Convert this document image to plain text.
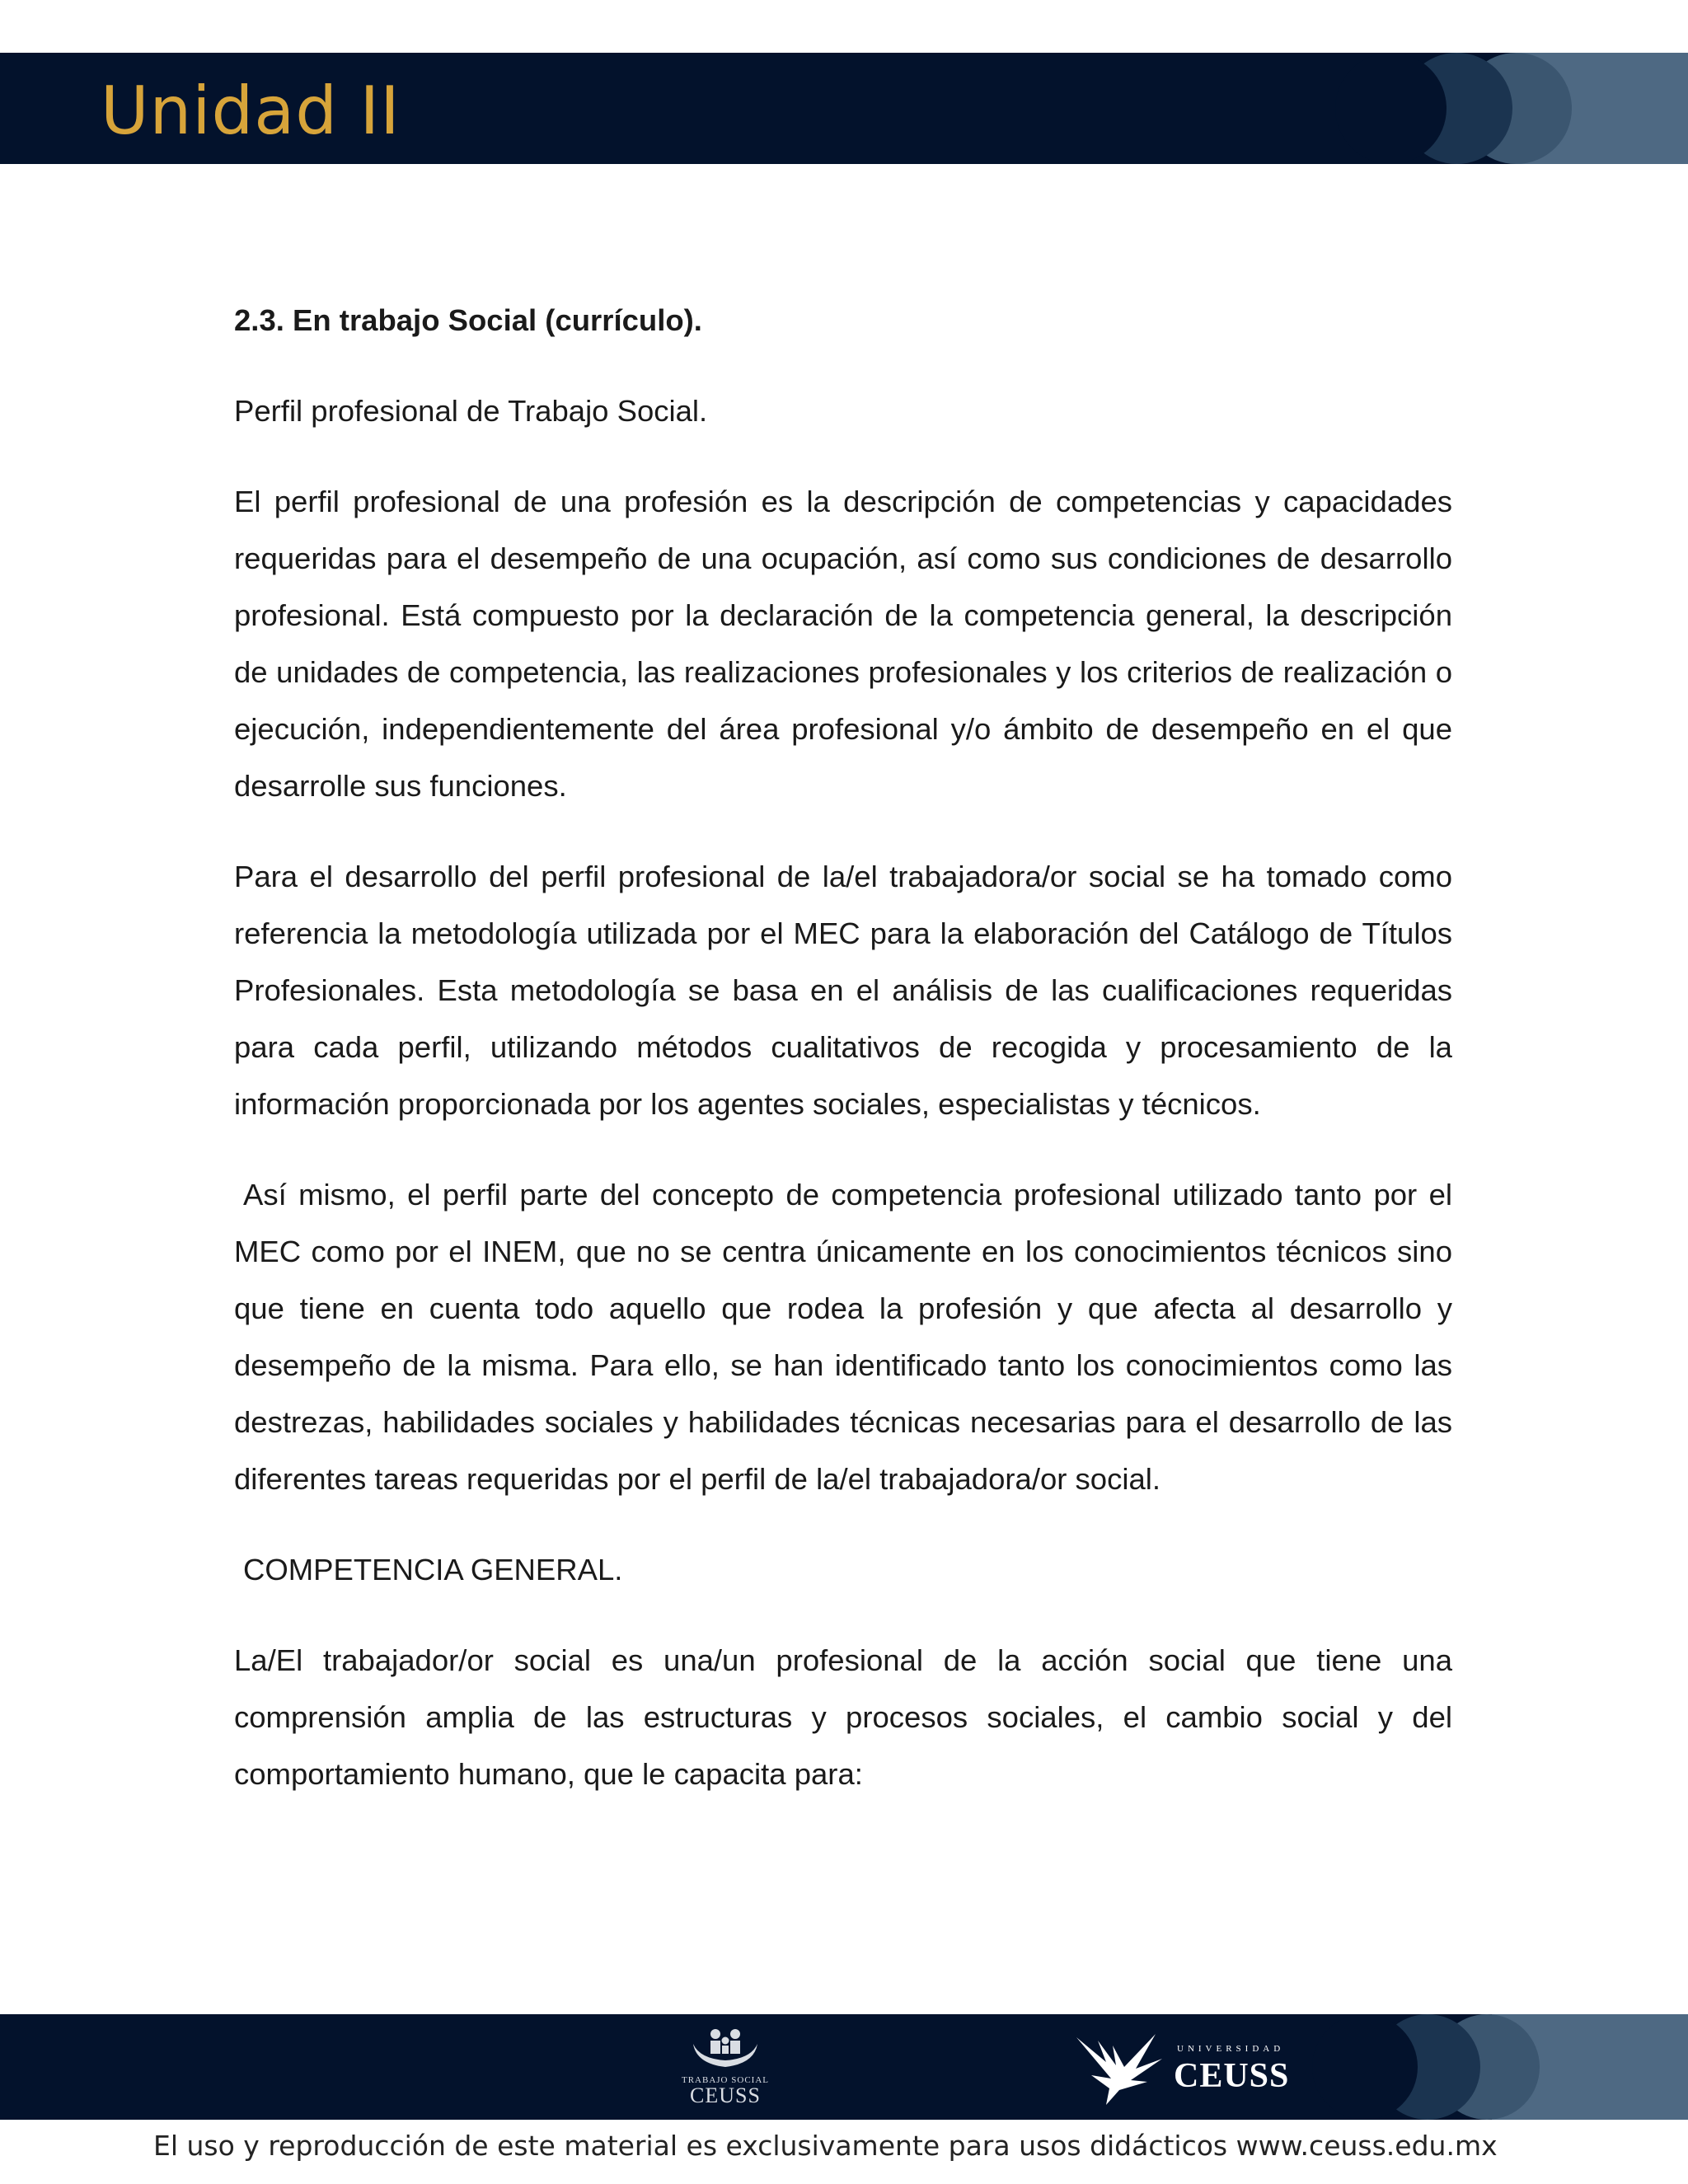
Unidad II
2.3. En trabajo Social (currículo).

Perfil profesional de Trabajo Social.

El perfil profesional de una profesión es la descripción de competencias y capacidades requeridas para el desempeño de una ocupación, así como sus condiciones de desarrollo profesional. Está compuesto por la declaración de la competencia general, la descripción de unidades de competencia, las realizaciones profesionales y los criterios de realización o ejecución, independientemente del área profesional y/o ámbito de desempeño en el que desarrolle sus funciones.

Para el desarrollo del perfil profesional de la/el trabajadora/or social se ha tomado como referencia la metodología utilizada por el MEC para la elaboración del Catálogo de Títulos Profesionales. Esta metodología se basa en el análisis de las cualificaciones requeridas para cada perfil, utilizando métodos cualitativos de recogida y procesamiento de la información proporcionada por los agentes sociales, especialistas y técnicos.

Así mismo, el perfil parte del concepto de competencia profesional utilizado tanto por el MEC como por el INEM, que no se centra únicamente en los conocimientos técnicos sino que tiene en cuenta todo aquello que rodea la profesión y que afecta al desarrollo y desempeño de la misma. Para ello, se han identificado tanto los conocimientos como las destrezas, habilidades sociales y habilidades técnicas necesarias para el desarrollo de las diferentes tareas requeridas por el perfil de la/el trabajadora/or social.

COMPETENCIA GENERAL.

La/El trabajador/or social es una/un profesional de la acción social que tiene una comprensión amplia de las estructuras y procesos sociales, el cambio social y del comportamiento humano, que le capacita para:

TRABAJO SOCIAL
CEUSS
UNIVERSIDAD
CEUSS
El uso y reproducción de este material es exclusivamente para usos didácticos www.ceuss.edu.mx
